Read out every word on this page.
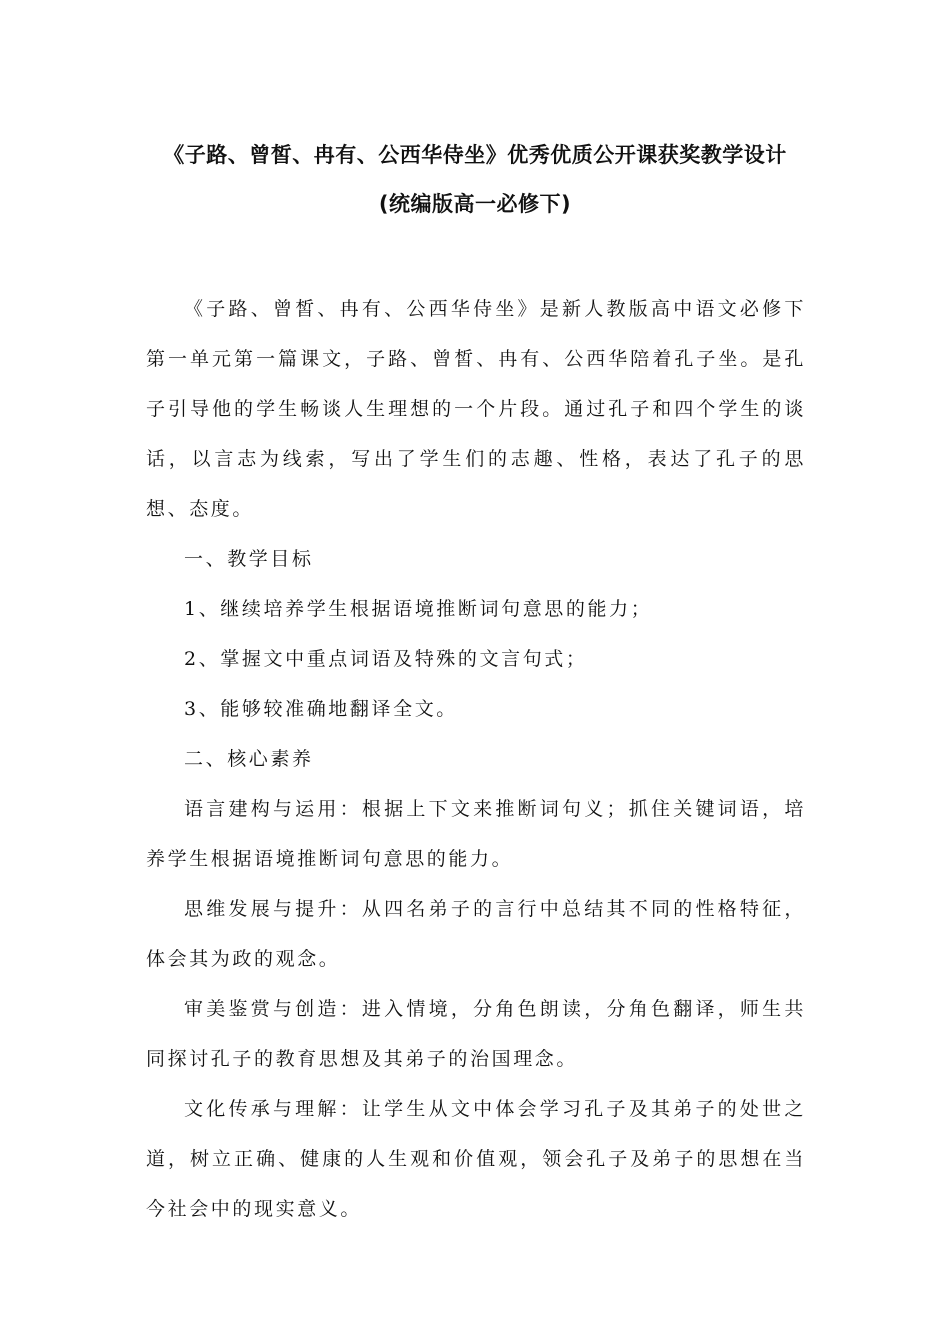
《子路、曾皙、冉有、公西华侍坐》优秀优质公开课获奖教学设计
(统编版高一必修下)

《子路、曾皙、冉有、公西华侍坐》是新人教版高中语文必修下第一单元第一篇课文，子路、曾皙、冉有、公西华陪着孔子坐。是孔子引导他的学生畅谈人生理想的一个片段。通过孔子和四个学生的谈话，以言志为线索，写出了学生们的志趣、性格，表达了孔子的思想、态度。

一、教学目标

1、继续培养学生根据语境推断词句意思的能力；

2、掌握文中重点词语及特殊的文言句式；

3、能够较准确地翻译全文。

二、核心素养

语言建构与运用：根据上下文来推断词句义；抓住关键词语，培养学生根据语境推断词句意思的能力。

思维发展与提升：从四名弟子的言行中总结其不同的性格特征，体会其为政的观念。

审美鉴赏与创造：进入情境，分角色朗读，分角色翻译，师生共同探讨孔子的教育思想及其弟子的治国理念。

文化传承与理解：让学生从文中体会学习孔子及其弟子的处世之道，树立正确、健康的人生观和价值观，领会孔子及弟子的思想在当今社会中的现实意义。
